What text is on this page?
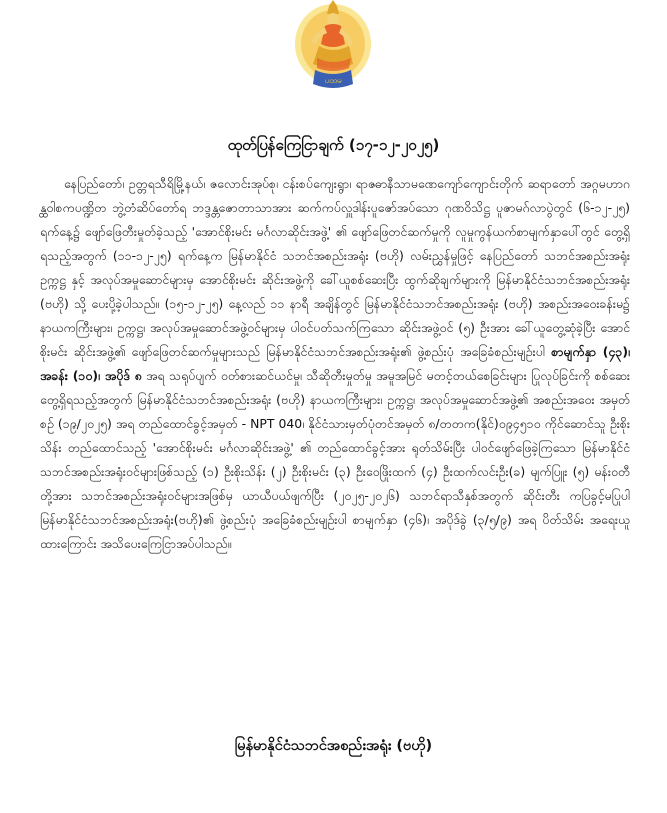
ပထမ
ထုတ်ပြန်ကြေငြာချက် (၁၇-၁၂-၂၀၂၅)

နေပြည်တော်၊ ဥတ္တရသီရိမြို့နယ်၊ ဇလောင်းအုပ်စု၊ ငန်းစပ်ကျေးရွာ၊ ရာဇဓာနီသာမဏေကျော်ကျောင်းတိုက် ဆရာတော် အဂ္ဂမဟာဂန္ထဝါစကပဏ္ဍိတ ဘွဲ့တံဆိပ်တော်ရ ဘဒ္ဒန္တဇောတာသာအား ဆက်ကပ်လှူဒါန်းပူဇော်အပ်သော ဂုဏဝိသိဋ္ဌ ပူဇာမဂ်လာပွဲတွင် (၆-၁၂-၂၅) ရက်နေ့၌ ဖျော်ဖြေတီးမှုတ်ခဲ့သည့် 'အောင်စိုးမင်း မင်္ဂလာဆိုင်းအဖွဲ့' ၏ ဖျော်ဖြေတင်ဆက်မှုကို လူမှုကွန်ယက်စာမျက်နှာပေါ်တွင် တွေ့ရှိရသည့်အတွက် (၁၁-၁၂-၂၅) ရက်နေ့က မြန်မာနိုင်ငံ သဘင်အစည်းအရုံး (ဗဟို) လမ်းညွှန်မှုဖြင့် နေပြည်တော် သဘင်အစည်းအရုံး ဥက္ကဋ္ဌ နှင့် အလုပ်အမှုဆောင်များမှ အောင်စိုးမင်း ဆိုင်းအဖွဲ့ကို ခေါ်ယူစစ်ဆေးပြီး ထွက်ဆိုချက်များကို မြန်မာနိုင်ငံသဘင်အစည်းအရုံး (ဗဟို) သို့ ပေးပို့ခဲ့ပါသည်။ (၁၅-၁၂-၂၅) နေ့လည် ၁၁ နာရီ အချိန်တွင် မြန်မာနိုင်ငံသဘင်အစည်းအရုံး (ဗဟို) အစည်းအဝေးခန်းမ၌ နာယကကြီးများ၊ ဥက္ကဋ္ဌ၊ အလုပ်အမှုဆောင်အဖွဲ့ဝင်များမှ ပါဝင်ပတ်သက်ကြသော ဆိုင်းအဖွဲ့ဝင် (၅) ဦးအား ခေါ်ယူတွေ့ဆုံခဲ့ပြီး အောင်စိုးမင်း ဆိုင်းအဖွဲ့၏ ဖျော်ဖြေတင်ဆက်မှုများသည် မြန်မာနိုင်ငံသဘင်အစည်းအရုံး၏ ဖွဲ့စည်းပုံ အခြေခံစည်းမျဉ်းပါ စာမျက်နှာ (၄၃)၊ အခန်း (၁၀)၊ အပိုဒ် ၈ အရ သရုပ်ပျက် ဝတ်စားဆင်ယင်မှု၊ သီဆိုတီးမှုတ်မှု အမူအမြင် မတင့်တယ်စေခြင်းများ ပြုလုပ်ခြင်းကို စစ်ဆေးတွေ့ရှိရသည့်အတွက် မြန်မာနိုင်ငံသဘင်အစည်းအရုံး (ဗဟို) နာယကကြီးများ၊ ဥက္ကဋ္ဌ၊ အလုပ်အမှုဆောင်အဖွဲ့၏ အစည်းအဝေး အမှတ်စဉ် (၁၉/၂၀၂၅) အရ တည်ထောင်ခွင့်အမှတ် - NPT 040၊ နိုင်ငံသားမှတ်ပုံတင်အမှတ် ၈/တတက(နိုင်)၀၉၄၅၁၀ ကိုင်ဆောင်သူ ဦးစိုးသိန်း တည်ထောင်သည့် 'အောင်စိုးမင်း မင်္ဂလာဆိုင်းအဖွဲ့' ၏ တည်ထောင်ခွင့်အား ရုတ်သိမ်းပြီး ပါဝင်ဖျော်ဖြေခဲ့ကြသော မြန်မာနိုင်ငံသဘင်အစည်းအရုံးဝင်များဖြစ်သည့် (၁) ဦးစိုးသိန်း (၂) ဦးစိုးမင်း (၃) ဦးဝေဖြိုးထက် (၄) ဦးထက်လင်းဦး(ခ) မျက်ပြူး (၅) မန်းဝတီ တို့အား သဘင်အစည်းအရုံးဝင်များအဖြစ်မှ ယာယီပယ်ဖျက်ပြီး (၂၀၂၅-၂၀၂၆) သဘင်ရာသီနှစ်အတွက် ဆိုင်းတီး ကပြခွင့်မပြုပါ မြန်မာနိုင်ငံသဘင်အစည်းအရုံး(ဗဟို)၏ ဖွဲ့စည်းပုံ အခြေခံစည်းမျဉ်းပါ စာမျက်နှာ (၄၆)၊ အပိုဒ်ခွဲ (၃/၅/၉) အရ ပိတ်သိမ်း အရေးယူထားကြောင်း အသိပေးကြေငြာအပ်ပါသည်။

မြန်မာနိုင်ငံသဘင်အစည်းအရုံး (ဗဟို)
